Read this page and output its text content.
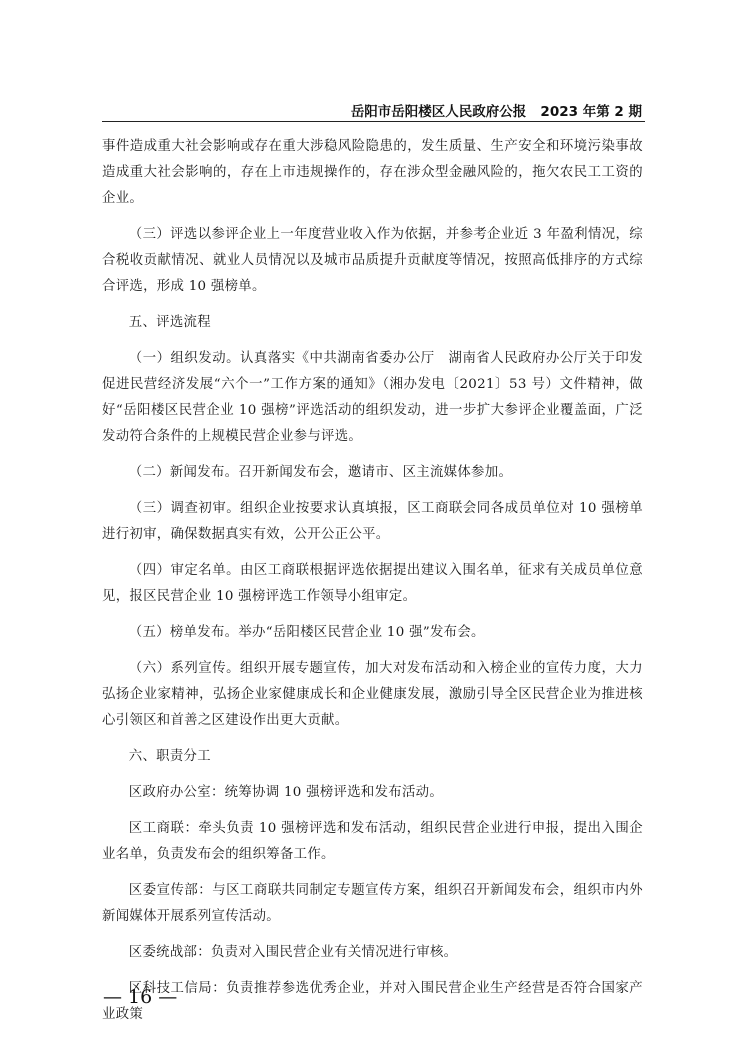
岳阳市岳阳楼区人民政府公报 2023 年第 2 期

事件造成重大社会影响或存在重大涉稳风险隐患的，发生质量、生产安全和环境污染事故造成重大社会影响的，存在上市违规操作的，存在涉众型金融风险的，拖欠农民工工资的企业。

（三）评选以参评企业上一年度营业收入作为依据，并参考企业近 3 年盈利情况，综合税收贡献情况、就业人员情况以及城市品质提升贡献度等情况，按照高低排序的方式综合评选，形成 10 强榜单。

五、评选流程

（一）组织发动。认真落实《中共湖南省委办公厅　湖南省人民政府办公厅关于印发促进民营经济发展“六个一”工作方案的通知》（湘办发电〔2021〕53 号）文件精神，做好“岳阳楼区民营企业 10 强榜”评选活动的组织发动，进一步扩大参评企业覆盖面，广泛发动符合条件的上规模民营企业参与评选。

（二）新闻发布。召开新闻发布会，邀请市、区主流媒体参加。

（三）调查初审。组织企业按要求认真填报，区工商联会同各成员单位对 10 强榜单进行初审，确保数据真实有效，公开公正公平。

（四）审定名单。由区工商联根据评选依据提出建议入围名单，征求有关成员单位意见，报区民营企业 10 强榜评选工作领导小组审定。

（五）榜单发布。举办“岳阳楼区民营企业 10 强”发布会。

（六）系列宣传。组织开展专题宣传，加大对发布活动和入榜企业的宣传力度，大力弘扬企业家精神，弘扬企业家健康成长和企业健康发展，激励引导全区民营企业为推进核心引领区和首善之区建设作出更大贡献。

六、职责分工

区政府办公室：统筹协调 10 强榜评选和发布活动。

区工商联：牵头负责 10 强榜评选和发布活动，组织民营企业进行申报，提出入围企业名单，负责发布会的组织筹备工作。

区委宣传部：与区工商联共同制定专题宣传方案，组织召开新闻发布会，组织市内外新闻媒体开展系列宣传活动。

区委统战部：负责对入围民营企业有关情况进行审核。

区科技工信局：负责推荐参选优秀企业，并对入围民营企业生产经营是否符合国家产业政策

— 16 —
